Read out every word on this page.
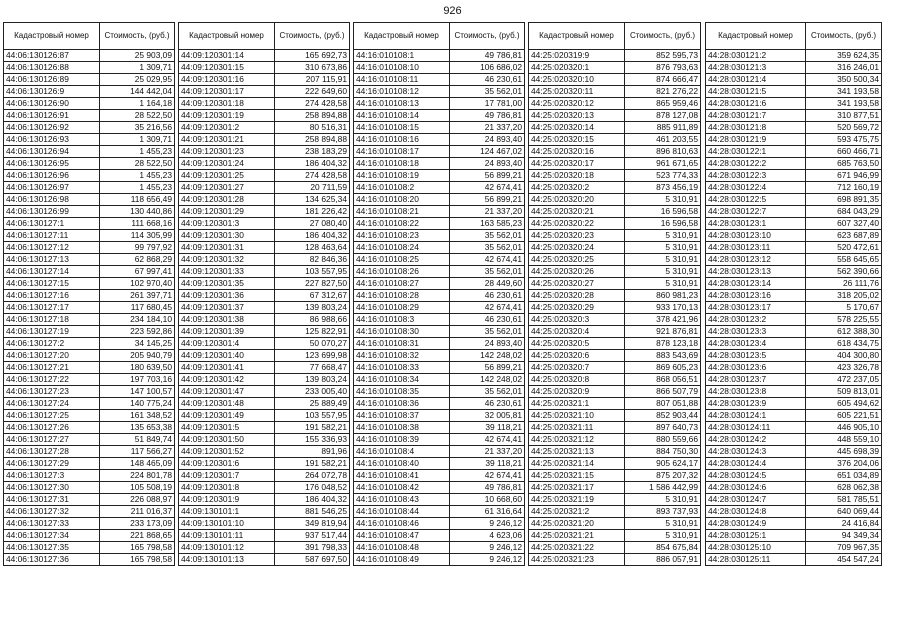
926
Кадастровый номер	Стоимость, (руб.)
44:06:130126:87	25 903,09
44:06:130126:88	1 309,71
44:06:130126:89	25 029,95
44:06:130126:9	144 442,04
44:06:130126:90	1 164,18
44:06:130126:91	28 522,50
44:06:130126:92	35 216,56
44:06:130126:93	1 309,71
44:06:130126:94	1 455,23
44:06:130126:95	28 522,50
44:06:130126:96	1 455,23
44:06:130126:97	1 455,23
44:06:130126:98	118 656,49
44:06:130126:99	130 440,86
44:06:130127:1	111 668,16
44:06:130127:11	114 305,99
44:06:130127:12	99 797,92
44:06:130127:13	62 868,29
44:06:130127:14	67 997,41
44:06:130127:15	102 970,40
44:06:130127:16	261 397,71
44:06:130127:17	117 680,45
44:06:130127:18	234 184,10
44:06:130127:19	223 592,86
44:06:130127:2	34 145,25
44:06:130127:20	205 940,79
44:06:130127:21	180 639,50
44:06:130127:22	197 703,16
44:06:130127:23	147 100,57
44:06:130127:24	140 775,24
44:06:130127:25	161 348,52
44:06:130127:26	135 653,38
44:06:130127:27	51 849,74
44:06:130127:28	117 566,27
44:06:130127:29	148 465,09
44:06:130127:3	224 801,78
44:06:130127:30	105 508,19
44:06:130127:31	226 088,97
44:06:130127:32	211 016,37
44:06:130127:33	233 173,09
44:06:130127:34	221 868,65
44:06:130127:35	165 798,58
44:06:130127:36	165 798,58
Кадастровый номер	Стоимость, (руб.)
44:09:120301:14	165 692,73
44:09:120301:15	310 673,86
44:09:120301:16	207 115,91
44:09:120301:17	222 649,60
44:09:120301:18	274 428,58
44:09:120301:19	258 894,88
44:09:120301:2	80 516,31
44:09:120301:21	258 894,88
44:09:120301:23	238 183,29
44:09:120301:24	186 404,32
44:09:120301:25	274 428,58
44:09:120301:27	20 711,59
44:09:120301:28	134 625,34
44:09:120301:29	181 226,42
44:09:120301:3	27 080,40
44:09:120301:30	186 404,32
44:09:120301:31	128 463,64
44:09:120301:32	82 846,36
44:09:120301:33	103 557,95
44:09:120301:35	227 827,50
44:09:120301:36	67 312,67
44:09:120301:37	139 803,24
44:09:120301:38	86 988,66
44:09:120301:39	125 822,91
44:09:120301:4	50 070,27
44:09:120301:40	123 699,98
44:09:120301:41	77 668,47
44:09:120301:42	139 803,24
44:09:120301:47	233 005,40
44:09:120301:48	25 889,49
44:09:120301:49	103 557,95
44:09:120301:5	191 582,21
44:09:120301:50	155 336,93
44:09:120301:52	891,96
44:09:120301:6	191 582,21
44:09:120301:7	264 072,78
44:09:120301:8	176 048,52
44:09:120301:9	186 404,32
44:09:130101:1	881 546,25
44:09:130101:10	349 819,94
44:09:130101:11	937 517,44
44:09:130101:12	391 798,33
44:09:130101:13	587 697,50
Кадастровый номер	Стоимость, (руб.)
44:16:010108:1	49 786,81
44:16:010108:10	106 686,02
44:16:010108:11	46 230,61
44:16:010108:12	35 562,01
44:16:010108:13	17 781,00
44:16:010108:14	49 786,81
44:16:010108:15	21 337,20
44:16:010108:16	24 893,40
44:16:010108:17	124 467,02
44:16:010108:18	24 893,40
44:16:010108:19	56 899,21
44:16:010108:2	42 674,41
44:16:010108:20	56 899,21
44:16:010108:21	21 337,20
44:16:010108:22	163 585,23
44:16:010108:23	35 562,01
44:16:010108:24	35 562,01
44:16:010108:25	42 674,41
44:16:010108:26	35 562,01
44:16:010108:27	28 449,60
44:16:010108:28	46 230,61
44:16:010108:29	42 674,41
44:16:010108:3	46 230,61
44:16:010108:30	35 562,01
44:16:010108:31	24 893,40
44:16:010108:32	142 248,02
44:16:010108:33	56 899,21
44:16:010108:34	142 248,02
44:16:010108:35	35 562,01
44:16:010108:36	46 230,61
44:16:010108:37	32 005,81
44:16:010108:38	39 118,21
44:16:010108:39	42 674,41
44:16:010108:4	21 337,20
44:16:010108:40	39 118,21
44:16:010108:41	42 674,41
44:16:010108:42	49 786,81
44:16:010108:43	10 668,60
44:16:010108:44	61 316,64
44:16:010108:46	9 246,12
44:16:010108:47	4 623,06
44:16:010108:48	9 246,12
44:16:010108:49	9 246,12
Кадастровый номер	Стоимость, (руб.)
44:25:020319:9	852 595,73
44:25:020320:1	876 793,63
44:25:020320:10	874 666,47
44:25:020320:11	821 276,22
44:25:020320:12	865 959,46
44:25:020320:13	878 127,08
44:25:020320:14	885 911,89
44:25:020320:15	461 203,55
44:25:020320:16	896 810,63
44:25:020320:17	961 671,65
44:25:020320:18	523 774,33
44:25:020320:2	873 456,19
44:25:020320:20	5 310,91
44:25:020320:21	16 596,58
44:25:020320:22	16 596,58
44:25:020320:23	5 310,91
44:25:020320:24	5 310,91
44:25:020320:25	5 310,91
44:25:020320:26	5 310,91
44:25:020320:27	5 310,91
44:25:020320:28	860 981,23
44:25:020320:29	933 170,13
44:25:020320:3	378 421,96
44:25:020320:4	921 876,81
44:25:020320:5	878 123,18
44:25:020320:6	883 543,69
44:25:020320:7	869 605,23
44:25:020320:8	868 056,51
44:25:020320:9	866 507,79
44:25:020321:1	807 051,88
44:25:020321:10	852 903,44
44:25:020321:11	897 640,73
44:25:020321:12	880 559,66
44:25:020321:13	884 750,30
44:25:020321:14	905 624,17
44:25:020321:15	875 207,32
44:25:020321:17	1 586 442,99
44:25:020321:19	5 310,91
44:25:020321:2	893 737,93
44:25:020321:20	5 310,91
44:25:020321:21	5 310,91
44:25:020321:22	854 675,84
44:25:020321:23	886 057,91
Кадастровый номер	Стоимость, (руб.)
44:28:030121:2	359 624,35
44:28:030121:3	316 246,01
44:28:030121:4	350 500,34
44:28:030121:5	341 193,58
44:28:030121:6	341 193,58
44:28:030121:7	310 877,51
44:28:030121:8	520 569,72
44:28:030121:9	593 475,75
44:28:030122:1	660 466,71
44:28:030122:2	685 763,50
44:28:030122:3	671 946,99
44:28:030122:4	712 160,19
44:28:030122:5	698 891,35
44:28:030122:7	684 043,29
44:28:030123:1	607 327,40
44:28:030123:10	623 687,89
44:28:030123:11	520 472,61
44:28:030123:12	558 645,65
44:28:030123:13	562 390,66
44:28:030123:14	26 111,76
44:28:030123:16	318 205,02
44:28:030123:17	5 170,67
44:28:030123:2	578 225,55
44:28:030123:3	612 388,30
44:28:030123:4	618 434,75
44:28:030123:5	404 300,80
44:28:030123:6	423 326,78
44:28:030123:7	472 237,05
44:28:030123:8	509 813,01
44:28:030123:9	605 494,62
44:28:030124:1	605 221,51
44:28:030124:11	446 905,10
44:28:030124:2	448 559,10
44:28:030124:3	445 698,39
44:28:030124:4	376 204,06
44:28:030124:5	651 034,89
44:28:030124:6	628 062,38
44:28:030124:7	581 785,51
44:28:030124:8	640 069,44
44:28:030124:9	24 416,84
44:28:030125:1	94 349,34
44:28:030125:10	709 967,35
44:28:030125:11	454 547,24
